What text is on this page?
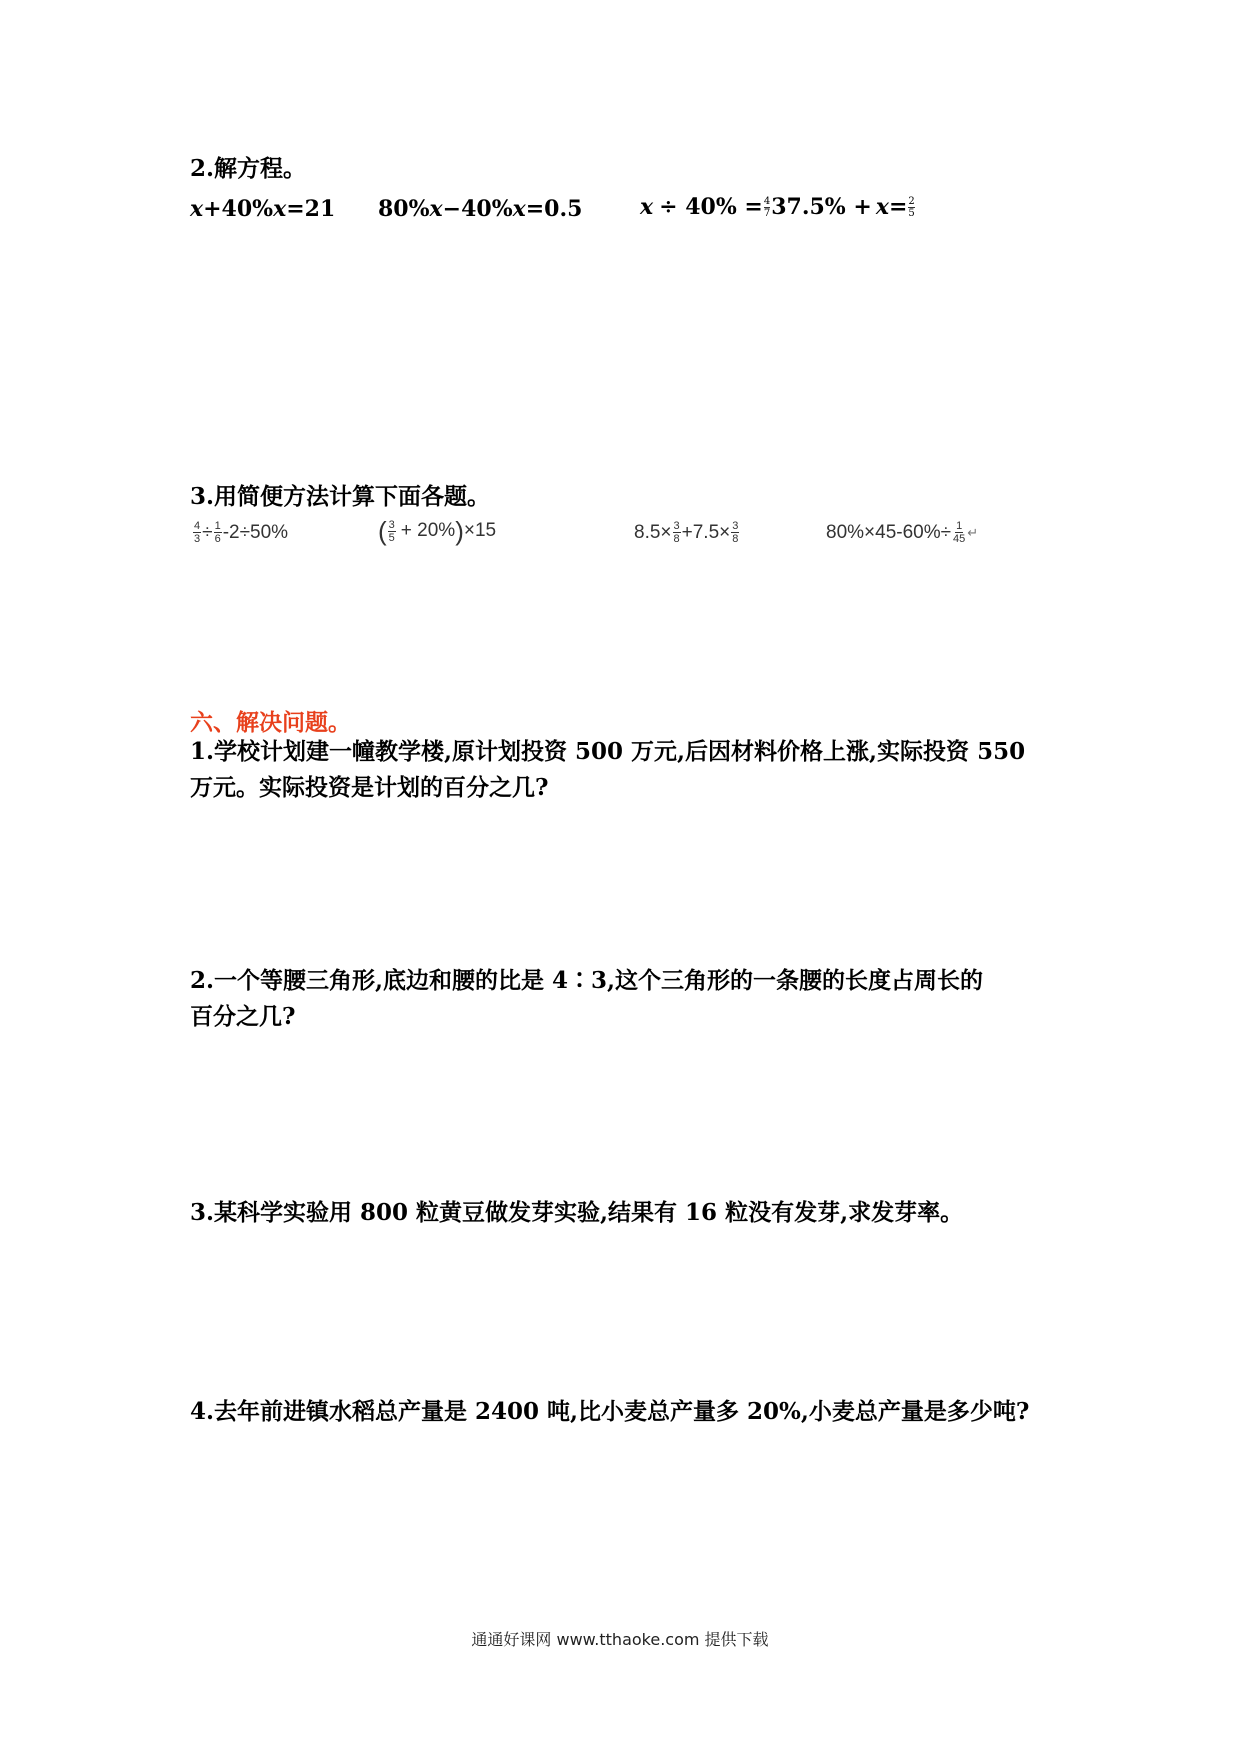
2.解方程。
x+40%x=21 80%x−40%x=0.5	$x \div 40\% = \frac{4}{7} 37.5\% + x = \frac{2}{5}$
3.用简便方法计算下面各题。
$\frac{4}{3} \div \frac{1}{6} -2\div 50\%$	( $\frac{3}{5} + 20\%$ ) ×15	$8.5\times \frac{3}{8} +7.5\times \frac{3}{8}$	$80\%\times 45-60\%\div \frac{1}{45}$ ↵
六、解决问题。
1.学校计划建一幢教学楼,原计划投资 500 万元,后因材料价格上涨,实际投资 550
万元。实际投资是计划的百分之几?
2.一个等腰三角形,底边和腰的比是 4∶3,这个三角形的一条腰的长度占周长的
百分之几?
3.某科学实验用 800 粒黄豆做发芽实验,结果有 16 粒没有发芽,求发芽率。
4.去年前进镇水稻总产量是 2400 吨,比小麦总产量多 20%,小麦总产量是多少吨?
通通好课网 www.tthaoke.com 提供下载
